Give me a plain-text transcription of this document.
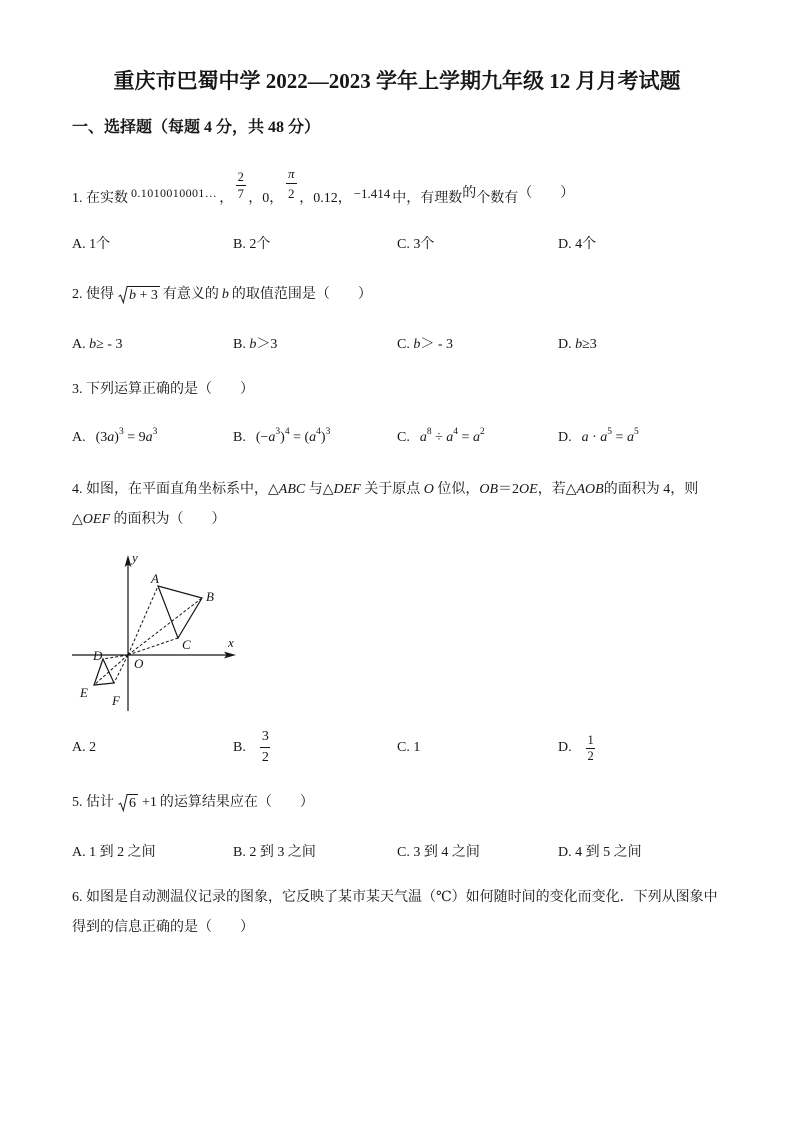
重庆市巴蜀中学 2022—2023 学年上学期九年级 12 月月考试题
一、选择题（每题 4 分，共 48 分）
1. 在实数 0.1010010001… ，
2
7 ，0，
π
2 ，0.12， −1.414 中，有理数的个数有（　　）
A. 1个	B. 2个	C. 3个	D. 4个
2. 使得 b + 3 有意义的 b 的取值范围是（　　）
A. b≥ - 3	B. b＞3	C. b＞ - 3	D. b≥3
3. 下列运算正确的是（　　）
A. $(3a)^3 = 9a^3$	B. $(-a^3)^4 = (a^4)^3$	C. $a^8 \div a^4 = a^2$	D. $a \cdot a^5 = a^5$
4. 如图，在平面直角坐标系中，△ABC 与△DEF 关于原点 O 位似，OB＝2OE，若△AOB的面积为 4，则
△OEF 的面积为（　　）
y
x
O
A
B
C
D
E
F
A. 2	B.
3
2
C. 1	D. 1
2
5. 估计 6 +1 的运算结果应在（　　）
A. 1 到 2 之间	B. 2 到 3 之间	C. 3 到 4 之间	D. 4 到 5 之间
6. 如图是自动测温仪记录的图象，它反映了某市某天气温（℃）如何随时间的变化而变化．下列从图象中
得到的信息正确的是（　　）
